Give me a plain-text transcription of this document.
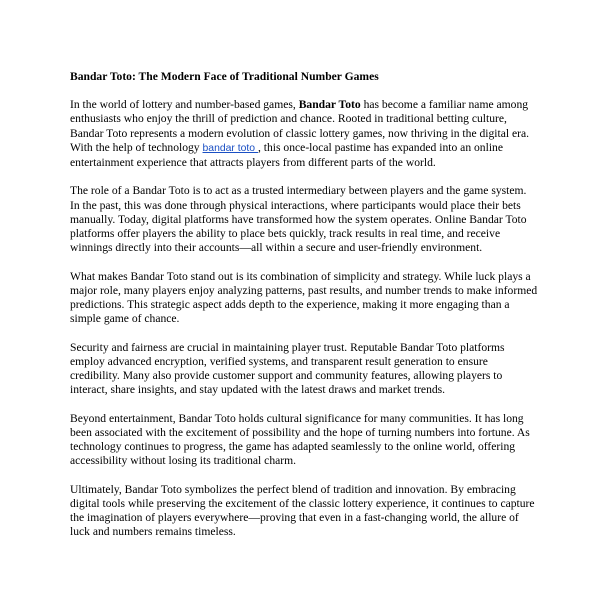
Bandar Toto: The Modern Face of Traditional Number Games

In the world of lottery and number-based games, Bandar Toto has become a familiar name among enthusiasts who enjoy the thrill of prediction and chance. Rooted in traditional betting culture, Bandar Toto represents a modern evolution of classic lottery games, now thriving in the digital era. With the help of technology bandar toto , this once-local pastime has expanded into an online entertainment experience that attracts players from different parts of the world.

The role of a Bandar Toto is to act as a trusted intermediary between players and the game system. In the past, this was done through physical interactions, where participants would place their bets manually. Today, digital platforms have transformed how the system operates. Online Bandar Toto platforms offer players the ability to place bets quickly, track results in real time, and receive winnings directly into their accounts—all within a secure and user-friendly environment.

What makes Bandar Toto stand out is its combination of simplicity and strategy. While luck plays a major role, many players enjoy analyzing patterns, past results, and number trends to make informed predictions. This strategic aspect adds depth to the experience, making it more engaging than a simple game of chance.

Security and fairness are crucial in maintaining player trust. Reputable Bandar Toto platforms employ advanced encryption, verified systems, and transparent result generation to ensure credibility. Many also provide customer support and community features, allowing players to interact, share insights, and stay updated with the latest draws and market trends.

Beyond entertainment, Bandar Toto holds cultural significance for many communities. It has long been associated with the excitement of possibility and the hope of turning numbers into fortune. As technology continues to progress, the game has adapted seamlessly to the online world, offering accessibility without losing its traditional charm.

Ultimately, Bandar Toto symbolizes the perfect blend of tradition and innovation. By embracing digital tools while preserving the excitement of the classic lottery experience, it continues to capture the imagination of players everywhere—proving that even in a fast-changing world, the allure of luck and numbers remains timeless.
